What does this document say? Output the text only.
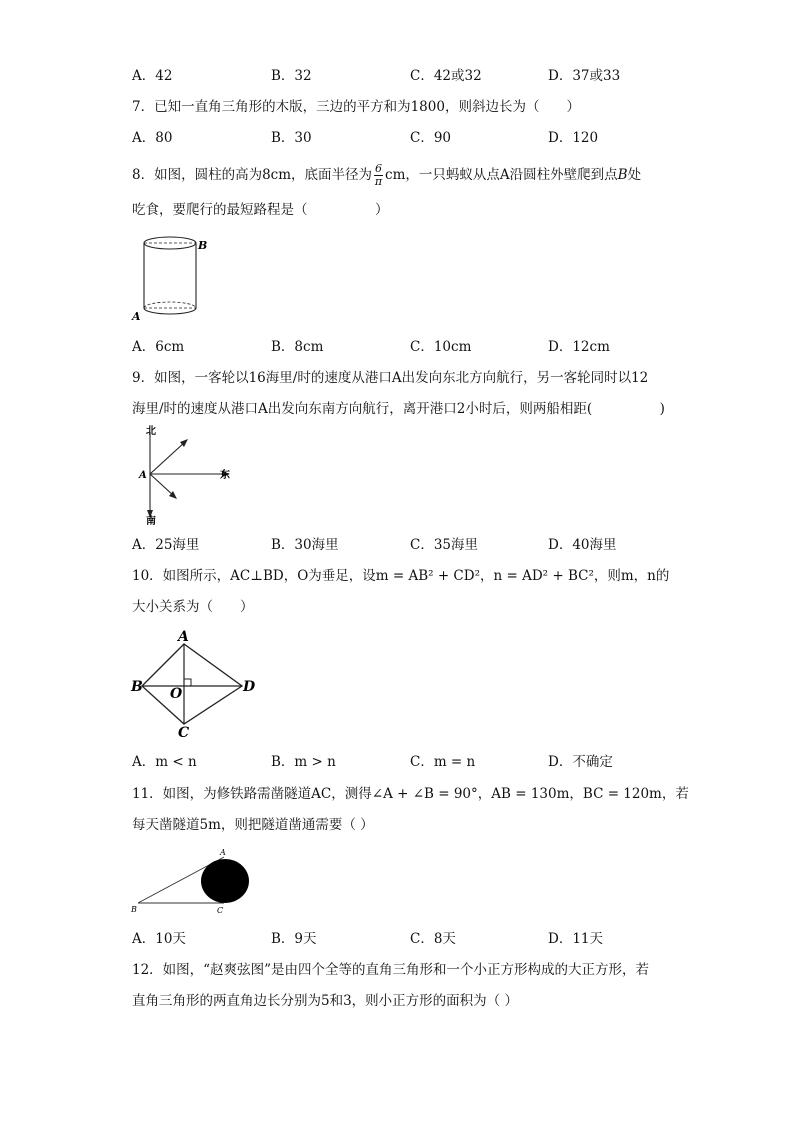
A．42	B．32	C．42或32	D．37或33
7．已知一直角三角形的木版，三边的平方和为1800，则斜边长为（　　）
A．80	B．30	C．90	D．120
8．如图，圆柱的高为8cm，底面半径为 $\frac{6}{\pi}$ cm，一只蚂蚁从点A沿圆柱外壁爬到点B处
吃食，要爬行的最短路程是（　　　　　）
B
A
A．6cm	B．8cm	C．10cm	D．12cm
9．如图，一客轮以16海里/时的速度从港口A出发向东北方向航行，另一客轮同时以12
海里/时的速度从港口A出发向东南方向航行，离开港口2小时后，则两船相距(　　　　　)
北
南
东
A
A．25海里	B．30海里	C．35海里	D．40海里
10．如图所示，AC⊥BD，O为垂足，设m = AB² + CD²，n = AD² + BC²，则m，n的
大小关系为（　　）
A
B	D
C
O
A．m < n	B．m > n	C．m = n	D．不确定
11．如图，为修铁路需凿隧道AC，测得∠A + ∠B = 90°，AB = 130m，BC = 120m，若
每天凿隧道5m，则把隧道凿通需要（ ）
A
B	C
A．10天	B．9天	C．8天	D．11天
12．如图，“赵爽弦图”是由四个全等的直角三角形和一个小正方形构成的大正方形，若
直角三角形的两直角边长分别为5和3，则小正方形的面积为（ ）
